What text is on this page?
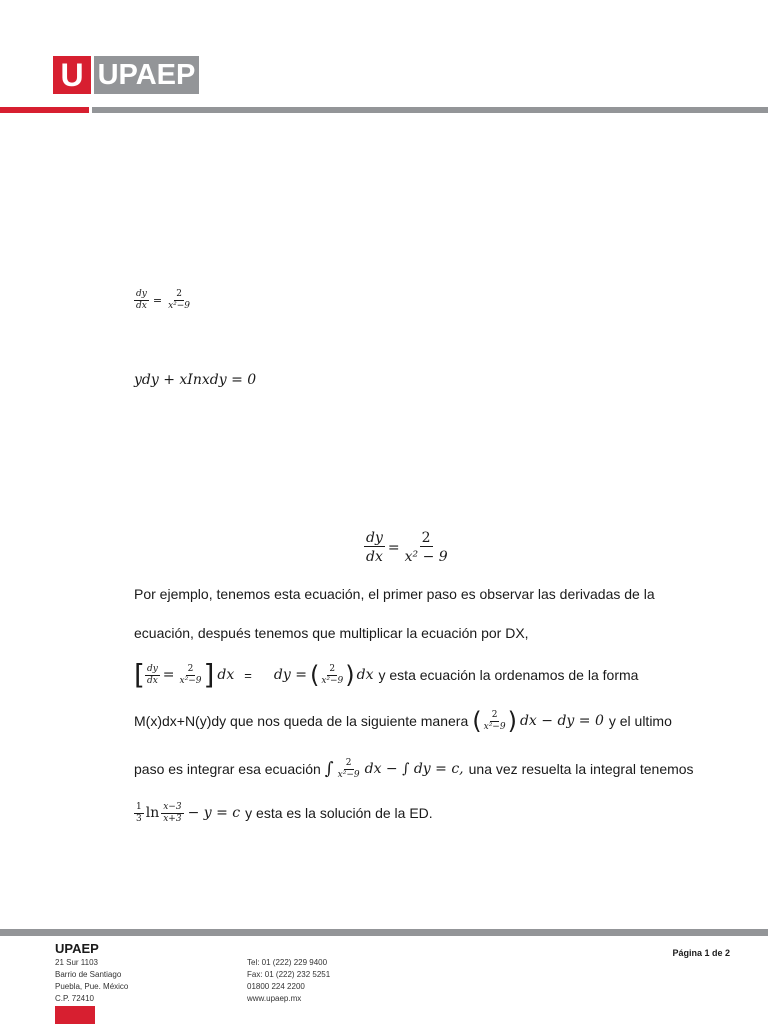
U UPAEP
$\frac{dy}{dx} = \frac{2}{\text{x²−9}}$
ydy + xInxdy = 0
$\frac{dy}{dx} = \frac{2}{\text{x² − 9}}$
Por ejemplo, tenemos esta ecuación, el primer paso es observar las derivadas de la
ecuación, después tenemos que multiplicar la ecuación por DX,
[ $\frac{dy}{dx} = \frac{2}{\text{x²−9}}$ ] dx = dy = ( $\frac{2}{\text{x²−9}}$ ) dx y esta ecuación la ordenamos de la forma
M(x)dx+N(y)dy que nos queda de la siguiente manera ( $\frac{2}{\text{x²−9}}$ ) dx − dy = 0 y el ultimo
paso es integrar esa ecuación ∫ $\frac{2}{\text{x²−9}}$ dx − ∫ dy = c, una vez resuelta la integral tenemos
$\frac{1}{3}$ $\ln \frac{x-3}{x+3} - y = c$ y esta es la solución de la ED.
UPAEP
21 Sur 1103
Barrio de Santiago
Puebla, Pue. México
C.P. 72410
Tel: 01 (222) 229 9400
Fax: 01 (222) 232 5251
01800 224 2200
www.upaep.mx
Página 1 de 2
